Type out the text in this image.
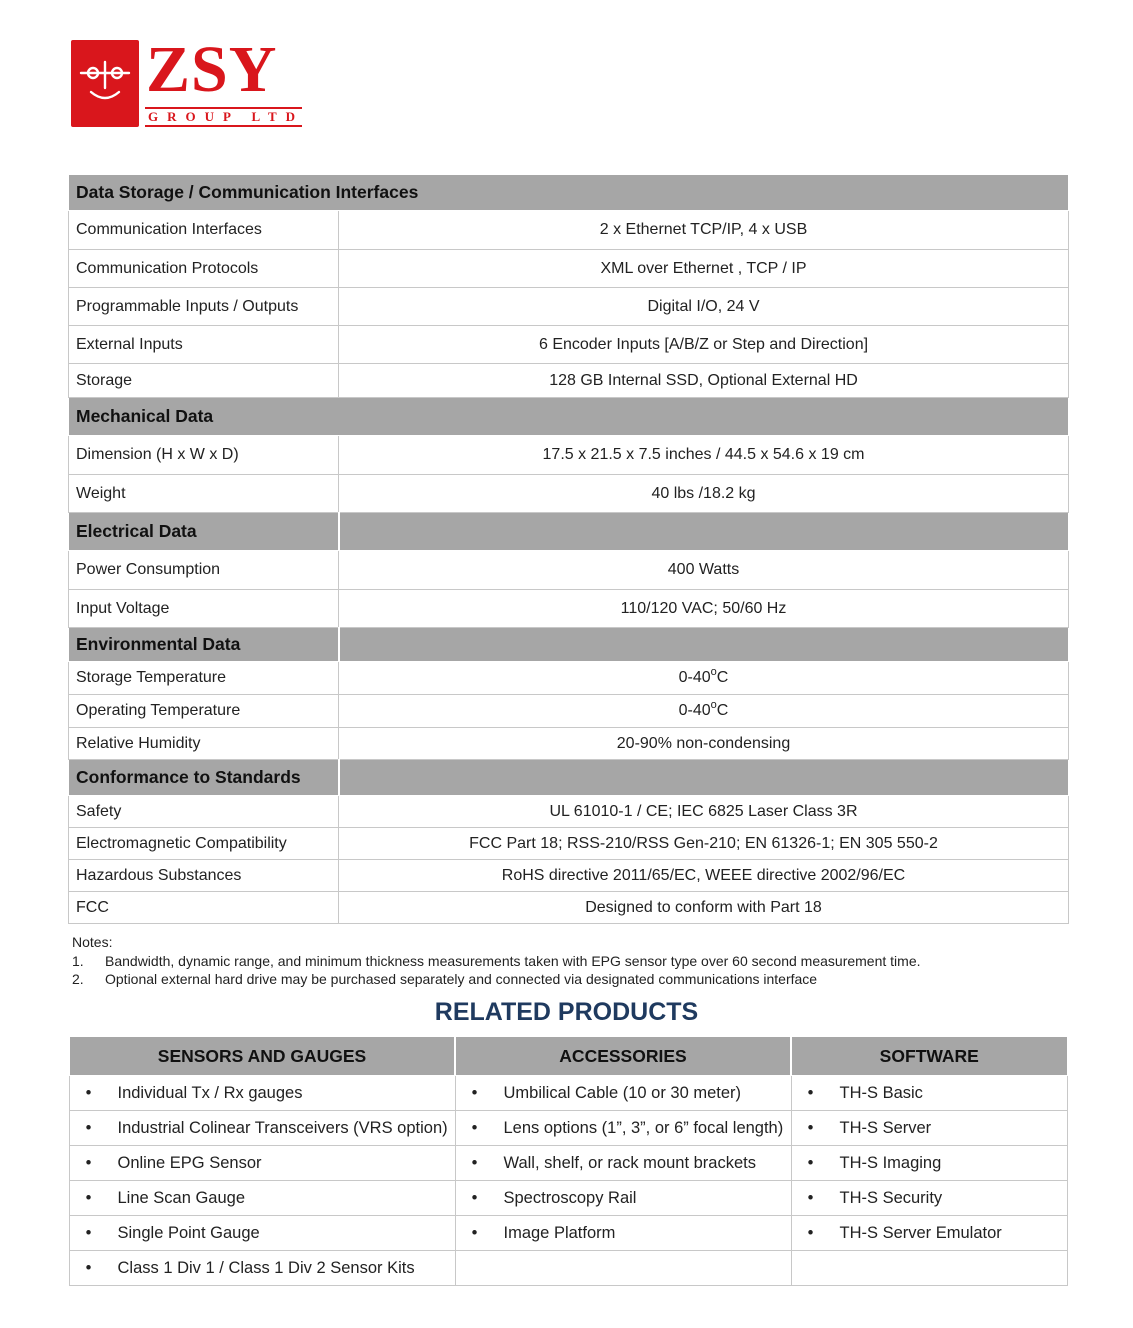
ZSY
GROUP LTD
Data Storage / Communication Interfaces	
Communication Interfaces	2 x Ethernet TCP/IP, 4 x USB
Communication Protocols	XML over Ethernet , TCP / IP
Programmable Inputs / Outputs	Digital I/O, 24 V
External Inputs	6 Encoder Inputs [A/B/Z or Step and Direction]
Storage	128 GB Internal SSD, Optional External HD
Mechanical Data	
Dimension (H x W x D)	17.5 x 21.5 x 7.5 inches / 44.5 x 54.6 x 19 cm
Weight	40 lbs /18.2 kg
Electrical Data	
Power Consumption	400 Watts
Input Voltage	110/120 VAC; 50/60 Hz
Environmental Data	
Storage Temperature	0-40$^o$C
Operating Temperature	0-40$^o$C
Relative Humidity	20-90% non-condensing
Conformance to Standards	
Safety	UL 61010-1 / CE; IEC 6825 Laser Class 3R
Electromagnetic Compatibility	FCC Part 18; RSS-210/RSS Gen-210; EN 61326-1; EN 305 550-2
Hazardous Substances	RoHS directive 2011/65/EC, WEEE directive 2002/96/EC
FCC	Designed to conform with Part 18
Notes:
1.	Bandwidth, dynamic range, and minimum thickness measurements taken with EPG sensor type over 60 second measurement time.
2.	Optional external hard drive may be purchased separately and connected via designated communications interface
RELATED PRODUCTS
SENSORS AND GAUGES	ACCESSORIES	SOFTWARE
• Individual Tx / Rx gauges	• Umbilical Cable (10 or 30 meter)	• TH-S Basic
• Industrial Colinear Transceivers (VRS option)	• Lens options (1”, 3”, or 6” focal length)	• TH-S Server
• Online EPG Sensor	• Wall, shelf, or rack mount brackets	• TH-S Imaging
• Line Scan Gauge	• Spectroscopy Rail	• TH-S Security
• Single Point Gauge	• Image Platform	• TH-S Server Emulator
• Class 1 Div 1 / Class 1 Div 2 Sensor Kits		
